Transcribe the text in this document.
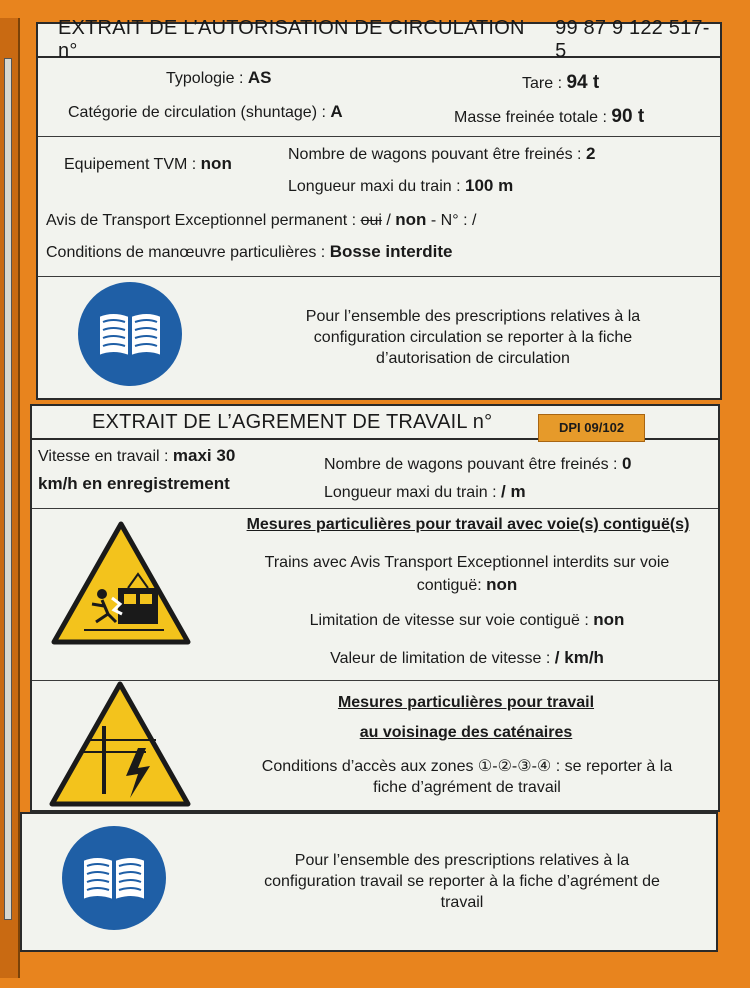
EXTRAIT DE L’AUTORISATION DE CIRCULATION n°
99 87 9 122 517-5
Typologie : AS	Tare : 94 t
Catégorie de circulation (shuntage) : A	Masse freinée totale : 90 t
Equipement TVM : non	Nombre de wagons pouvant être freinés : 2
Longueur maxi du train : 100 m
Avis de Transport Exceptionnel permanent : oui / non - N° : /
Conditions de manœuvre particulières : Bosse interdite
Pour l’ensemble des prescriptions relatives à la
configuration circulation se reporter à la fiche
d’autorisation de circulation
EXTRAIT DE L’AGREMENT DE TRAVAIL n°	DPI 09/102
Vitesse en travail : maxi 30
km/h en enregistrement
Nombre de wagons pouvant être freinés : 0
Longueur maxi du train : / m
Mesures particulières pour travail avec voie(s) contiguë(s)
Trains avec Avis Transport Exceptionnel interdits sur voie
contiguë: non
Limitation de vitesse sur voie contiguë : non
Valeur de limitation de vitesse : / km/h
Mesures particulières pour travail
au voisinage des caténaires
Conditions d’accès aux zones ①-②-③-④ : se reporter à la
fiche d’agrément de travail
Pour l’ensemble des prescriptions relatives à la
configuration travail se reporter à la fiche d’agrément de
travail
